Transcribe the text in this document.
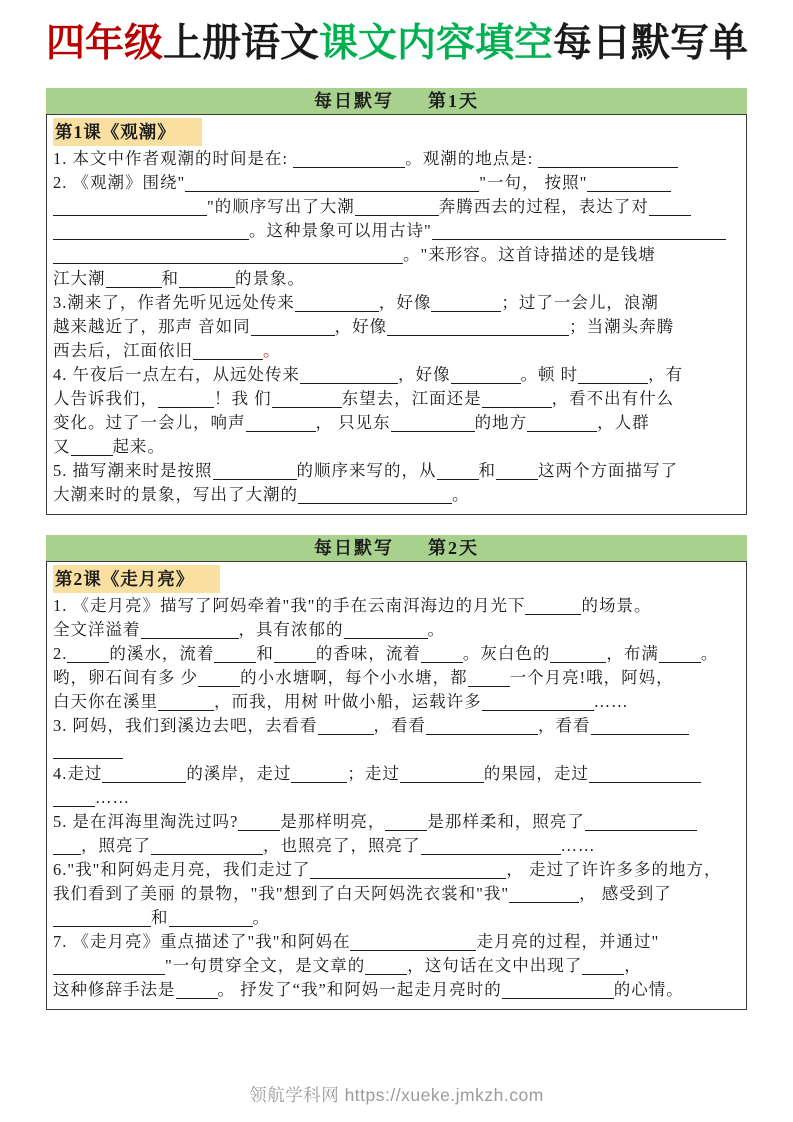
四年级上册语文课文内容填空每日默写单
每日默写 第1天
第1课《观潮》
1. 本文中作者观潮的时间是在:	。观潮的地点是:
2. 《观潮》围绕"	"一句， 按照"
"的顺序写出了大潮	奔腾西去的过程，表达了对
。这种景象可以用古诗"
。"来形容。这首诗描述的是钱塘
江大潮	和	的景象。
3.潮来了，作者先听见远处传来	，好像	；过了一会儿，浪潮
越来越近了，那声 音如同	，好像	；当潮头奔腾
西去后，江面依旧	。
4. 午夜后一点左右，从远处传来	，好像	。顿 时	，有
人告诉我们，	！我 们	东望去，江面还是	，看不出有什么
变化。过了一会儿，响声	， 只见东	的地方	，人群
又	起来。
5. 描写潮来时是按照	的顺序来写的，从	和	这两个方面描写了
大潮来时的景象，写出了大潮的	。
每日默写 第2天
第2课《走月亮》
1. 《走月亮》描写了阿妈牵着"我"的手在云南洱海边的月光下	的场景。
全文洋溢着	，具有浓郁的	。
2.	的溪水，流着	和	的香味，流着	。灰白色的	，布满	。
哟，卵石间有多 少	的小水塘啊，每个小水塘，都	一个月亮!哦，阿妈，
白天你在溪里	，而我，用树 叶做小船，运载许多	……
3. 阿妈，我们到溪边去吧，去看看	，看看	，看看
4.走过	的溪岸，走过	；走过	的果园，走过
……
5. 是在洱海里淘洗过吗?	是那样明亮，	是那样柔和，照亮了
，照亮了	，也照亮了，照亮了	……
6."我"和阿妈走月亮，我们走过了	， 走过了许许多多的地方，
我们看到了美丽 的景物，"我"想到了白天阿妈洗衣裳和"我"	， 感受到了
和	。
7. 《走月亮》重点描述了"我"和阿妈在	走月亮的过程，并通过"
"一句贯穿全文，是文章的	，这句话在文中出现了	，
这种修辞手法是	。 抒发了“我”和阿妈一起走月亮时的	的心情。
领航学科网 https://xueke.jmkzh.com
